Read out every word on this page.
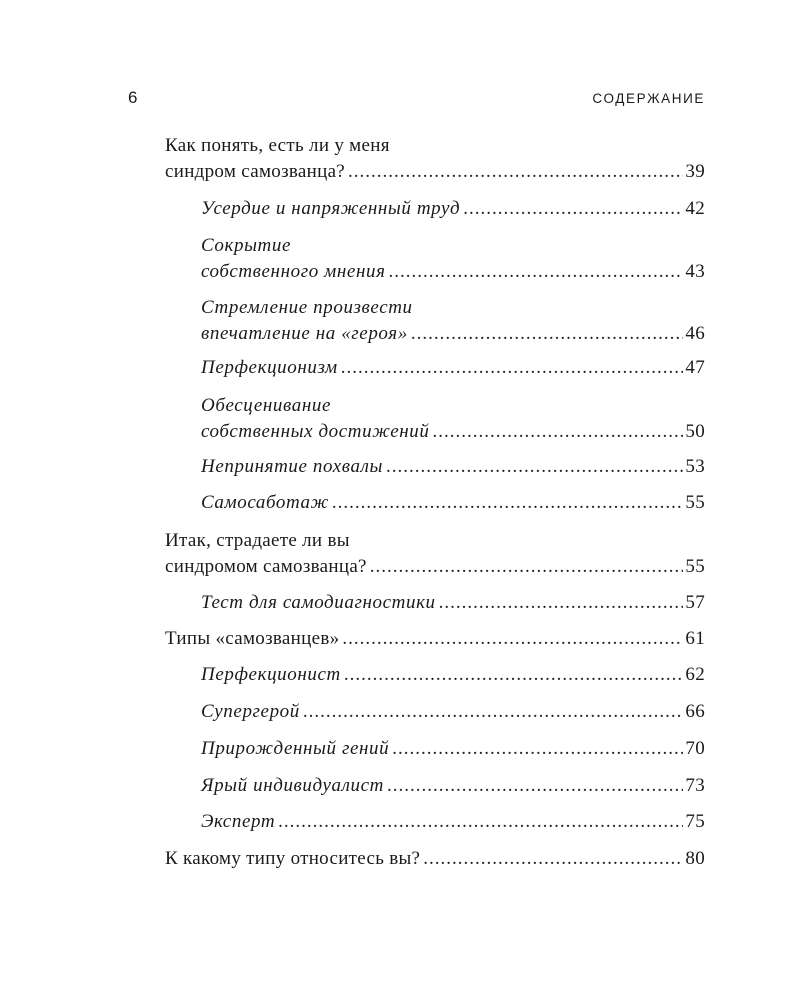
6	СОДЕРЖАНИЕ
Как понять, есть ли у меня
синдром самозванца? .....	39
Усердие и напряженный труд .....	42
Сокрытие
собственного мнения .....	43
Стремление произвести
впечатление на «героя» .....	46
Перфекционизм .....	47
Обесценивание
собственных достижений .....	50
Непринятие похвалы .....	53
Самосаботаж .....	55
Итак, страдаете ли вы
синдромом самозванца? .....	55
Тест для самодиагностики .....	57
Типы «самозванцев» .....	61
Перфекционист .....	62
Супергерой .....	66
Прирожденный гений .....	70
Ярый индивидуалист .....	73
Эксперт .....	75
К какому типу относитесь вы? .....	80
